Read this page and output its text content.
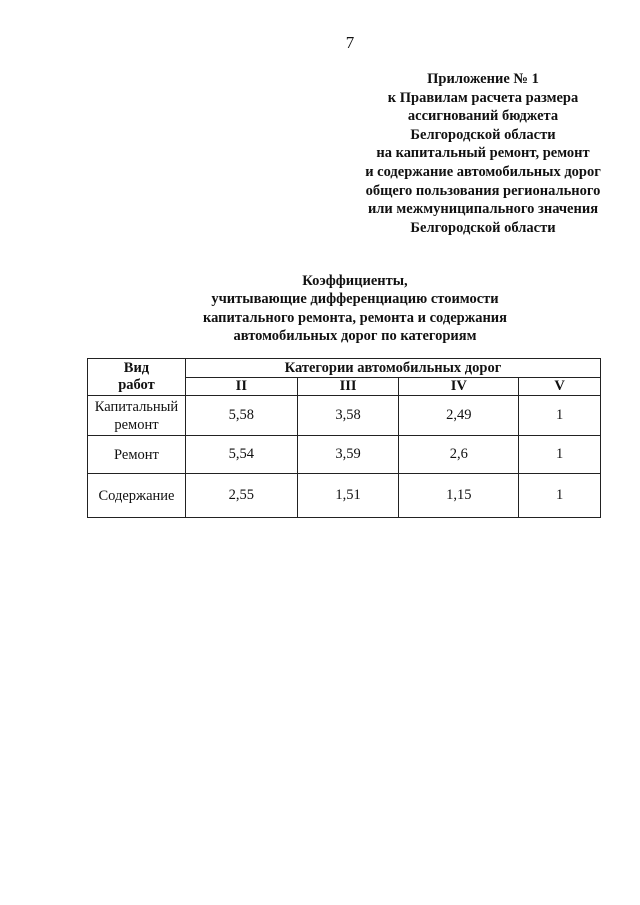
7
Приложение № 1
к Правилам расчета размера
ассигнований бюджета
Белгородской области
на капитальный ремонт, ремонт
и содержание автомобильных дорог
общего пользования регионального
или межмуниципального значения
Белгородской области
Коэффициенты,
учитывающие дифференциацию стоимости
капитального ремонта, ремонта и содержания
автомобильных дорог по категориям
Вид
работ	Категории автомобильных дорог			
	II	III	IV	V

Капитальный
ремонт	5,58	3,58	2,49	1

Ремонт	5,54	3,59	2,6	1

Содержание	2,55	1,51	1,15	1
